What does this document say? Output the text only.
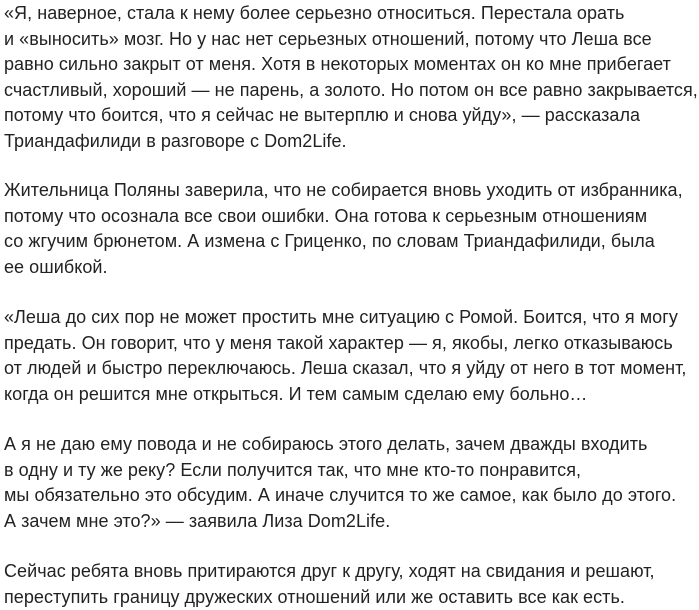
«Я, наверное, стала к нему более серьезно относиться. Перестала орать
и «выносить» мозг. Но у нас нет серьезных отношений, потому что Леша все
равно сильно закрыт от меня. Хотя в некоторых моментах он ко мне прибегает
счастливый, хороший — не парень, а золото. Но потом он все равно закрывается,
потому что боится, что я сейчас не вытерплю и снова уйду», — рассказала
Триандафилиди в разговоре с Dom2Life.

Жительница Поляны заверила, что не собирается вновь уходить от избранника,
потому что осознала все свои ошибки. Она готова к серьезным отношениям
со жгучим брюнетом. А измена с Гриценко, по словам Триандафилиди, была
ее ошибкой.

«Леша до сих пор не может простить мне ситуацию с Ромой. Боится, что я могу
предать. Он говорит, что у меня такой характер — я, якобы, легко отказываюсь
от людей и быстро переключаюсь. Леша сказал, что я уйду от него в тот момент,
когда он решится мне открыться. И тем самым сделаю ему больно…

А я не даю ему повода и не собираюсь этого делать, зачем дважды входить
в одну и ту же реку? Если получится так, что мне кто-то понравится,
мы обязательно это обсудим. А иначе случится то же самое, как было до этого.
А зачем мне это?» — заявила Лиза Dom2Life.

Сейчас ребята вновь притираются друг к другу, ходят на свидания и решают,
переступить границу дружеских отношений или же оставить все как есть.
